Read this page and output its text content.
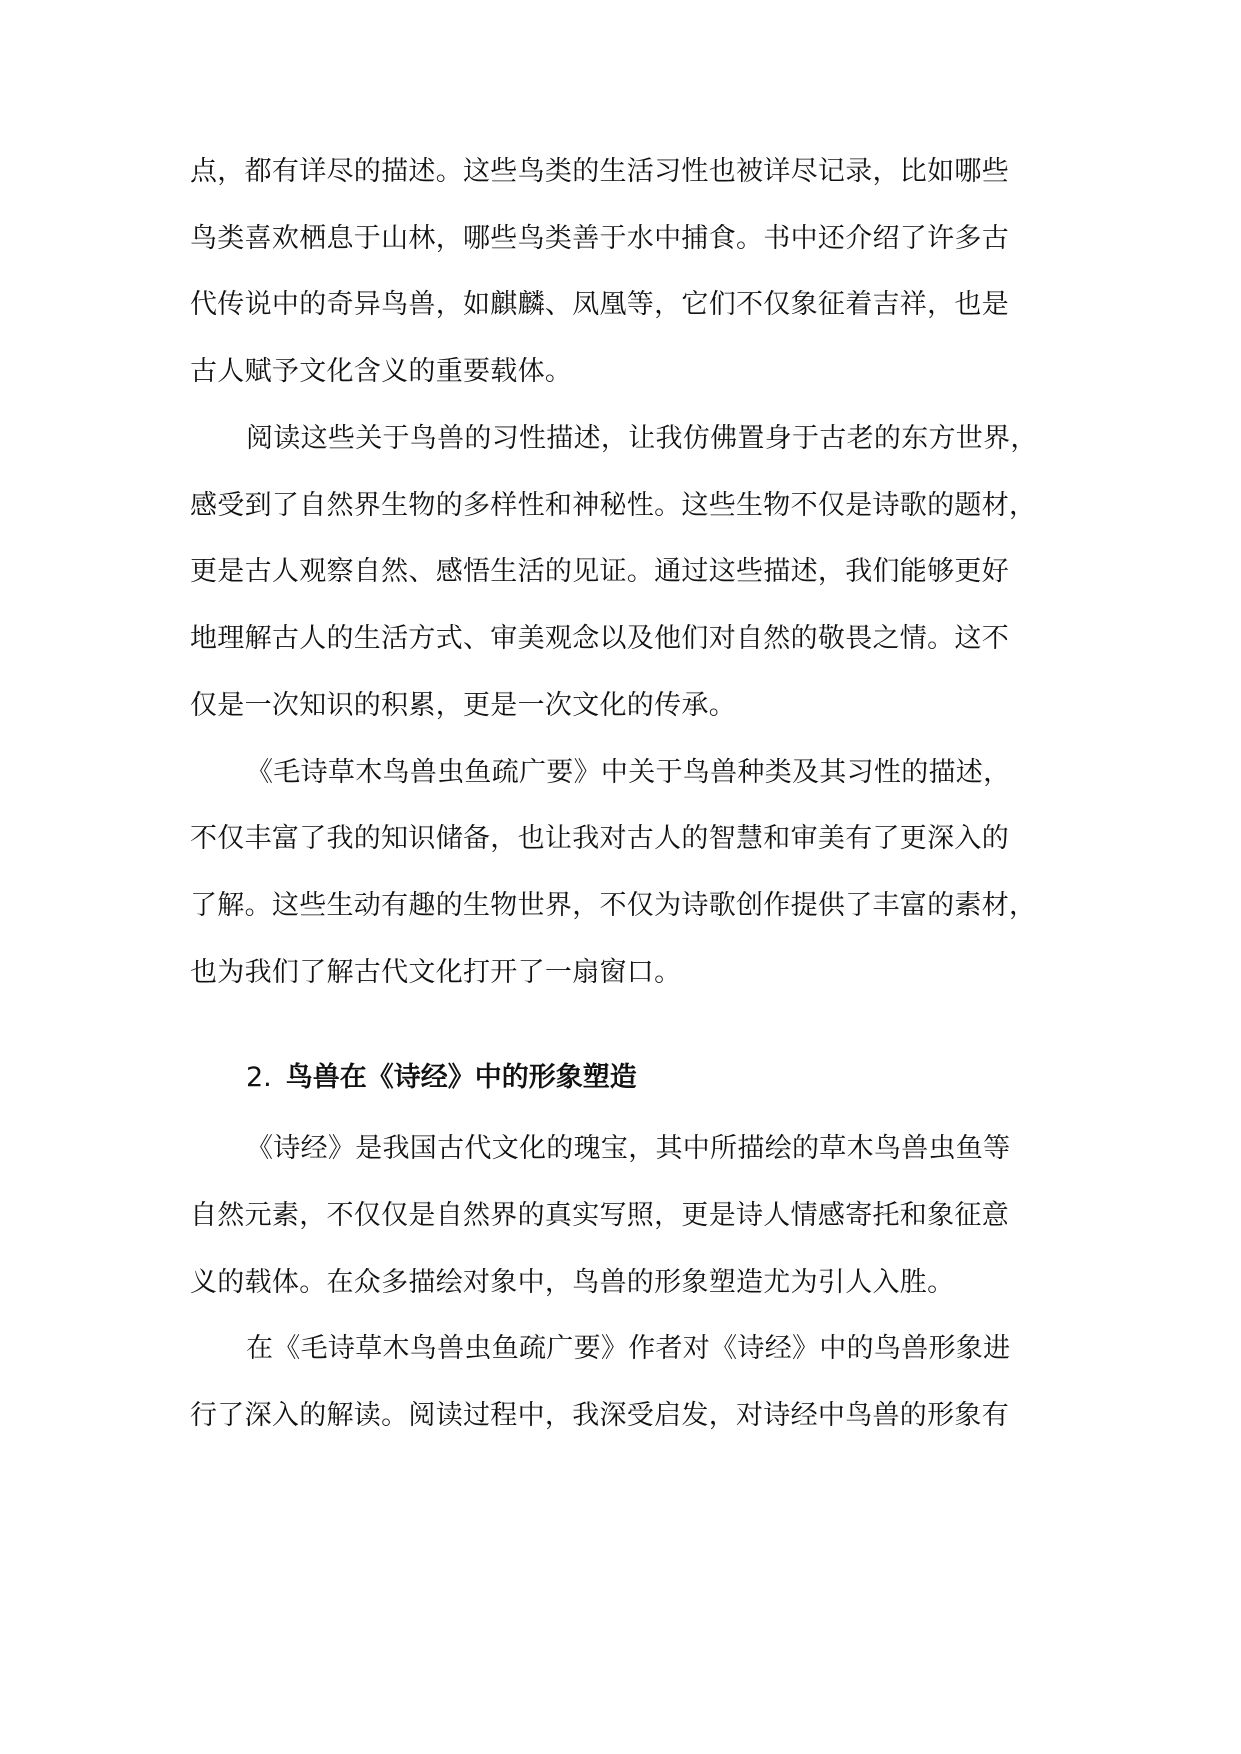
点，都有详尽的描述。这些鸟类的生活习性也被详尽记录，比如哪些
鸟类喜欢栖息于山林，哪些鸟类善于水中捕食。书中还介绍了许多古
代传说中的奇异鸟兽，如麒麟、凤凰等，它们不仅象征着吉祥，也是
古人赋予文化含义的重要载体。
阅读这些关于鸟兽的习性描述，让我仿佛置身于古老的东方世界，
感受到了自然界生物的多样性和神秘性。这些生物不仅是诗歌的题材，
更是古人观察自然、感悟生活的见证。通过这些描述，我们能够更好
地理解古人的生活方式、审美观念以及他们对自然的敬畏之情。这不
仅是一次知识的积累，更是一次文化的传承。
《毛诗草木鸟兽虫鱼疏广要》中关于鸟兽种类及其习性的描述，
不仅丰富了我的知识储备，也让我对古人的智慧和审美有了更深入的
了解。这些生动有趣的生物世界，不仅为诗歌创作提供了丰富的素材，
也为我们了解古代文化打开了一扇窗口。
2. 鸟兽在《诗经》中的形象塑造
《诗经》是我国古代文化的瑰宝，其中所描绘的草木鸟兽虫鱼等
自然元素，不仅仅是自然界的真实写照，更是诗人情感寄托和象征意
义的载体。在众多描绘对象中，鸟兽的形象塑造尤为引人入胜。
在《毛诗草木鸟兽虫鱼疏广要》作者对《诗经》中的鸟兽形象进
行了深入的解读。阅读过程中，我深受启发，对诗经中鸟兽的形象有
